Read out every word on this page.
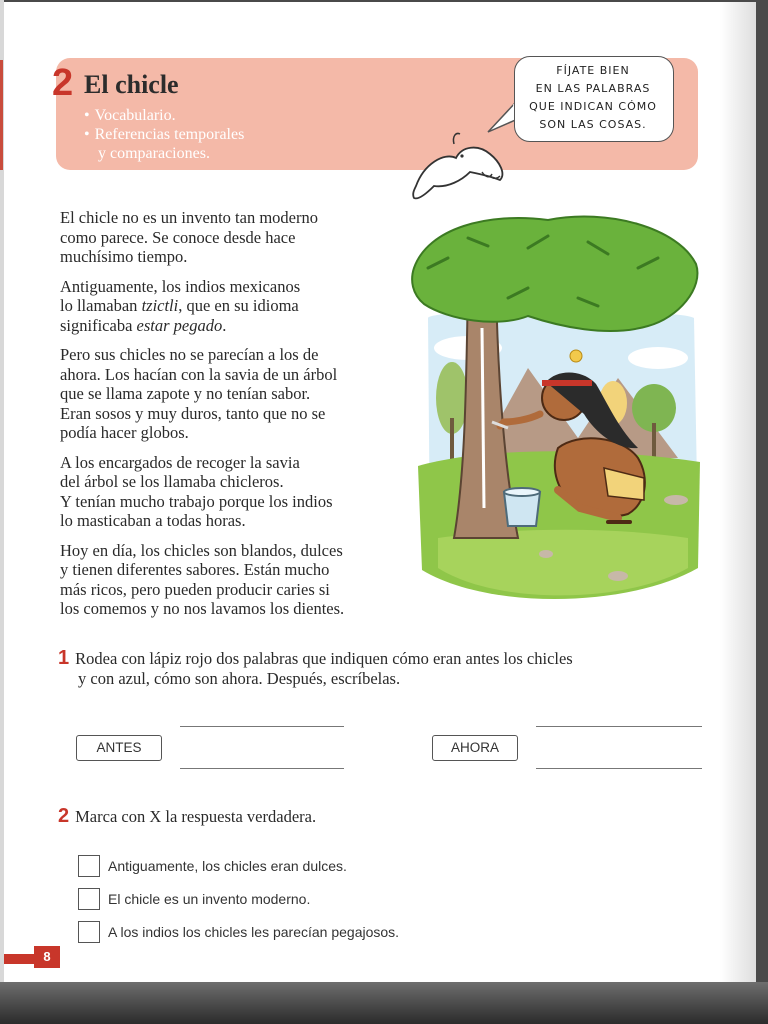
2 El chicle
• Vocabulario.
• Referencias temporales
y comparaciones.
FÍJATE BIEN
EN LAS PALABRAS
QUE INDICAN CÓMO
SON LAS COSAS.

El chicle no es un invento tan moderno
como parece. Se conoce desde hace
muchísimo tiempo.

Antiguamente, los indios mexicanos
lo llamaban tzictli, que en su idioma
significaba estar pegado.

Pero sus chicles no se parecían a los de
ahora. Los hacían con la savia de un árbol
que se llama zapote y no tenían sabor.
Eran sosos y muy duros, tanto que no se
podía hacer globos.

A los encargados de recoger la savia
del árbol se los llamaba chicleros.
Y tenían mucho trabajo porque los indios
lo masticaban a todas horas.

Hoy en día, los chicles son blandos, dulces
y tienen diferentes sabores. Están mucho
más ricos, pero pueden producir caries si
los comemos y no nos lavamos los dientes.

1 Rodea con lápiz rojo dos palabras que indiquen cómo eran antes los chicles
y con azul, cómo son ahora. Después, escríbelas.
ANTES	AHORA
2 Marca con X la respuesta verdadera.
Antiguamente, los chicles eran dulces.
El chicle es un invento moderno.
A los indios los chicles les parecían pegajosos.
8
